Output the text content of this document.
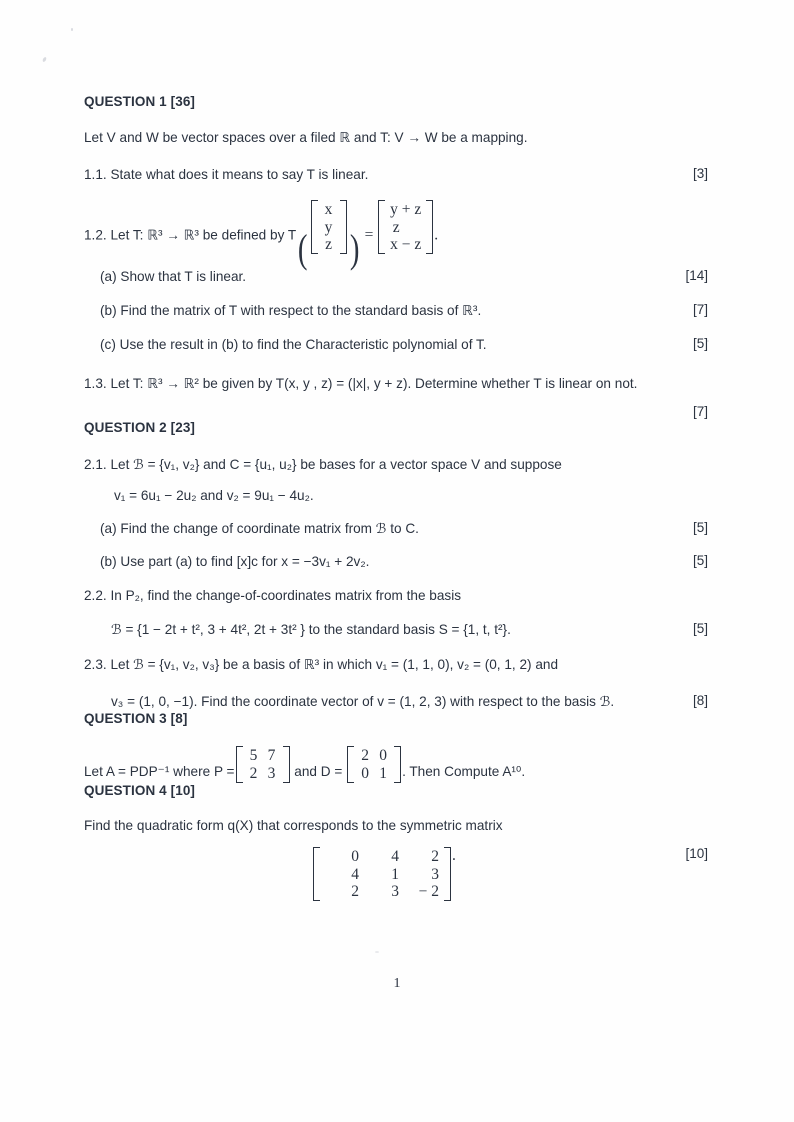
QUESTION 1 [36]
Let V and W be vector spaces over a filed ℝ and T: V → W be a mapping.
1.1. State what does it means to say T is linear.	[3]
1.2. Let T: ℝ³ → ℝ³ be defined by T(
x
y
z ) =
y + z
z
x − z
.
(a) Show that T is linear.	[14]
(b) Find the matrix of T with respect to the standard basis of ℝ³.	[7]
(c) Use the result in (b) to find the Characteristic polynomial of T.	[5]
1.3. Let T: ℝ³ → ℝ² be given by T(x, y , z) = (|x|, y + z). Determine whether T is linear on not.
[7]
QUESTION 2 [23]
2.1. Let ℬ = {v₁, v₂} and C = {u₁, u₂} be bases for a vector space V and suppose
v₁ = 6u₁ − 2u₂ and v₂ = 9u₁ − 4u₂.
(a) Find the change of coordinate matrix from ℬ to C.	[5]
(b) Use part (a) to find [x]ᴄ for x = −3v₁ + 2v₂.	[5]
2.2. In P₂, find the change-of-coordinates matrix from the basis
ℬ = {1 − 2t + t², 3 + 4t², 2t + 3t² } to the standard basis S = {1, t, t²}.	[5]
2.3. Let ℬ = {v₁, v₂, v₃} be a basis of ℝ³ in which v₁ = (1, 1, 0), v₂ = (0, 1, 2) and
v₃ = (1, 0, −1). Find the coordinate vector of v = (1, 2, 3) with respect to the basis ℬ.	[8]
QUESTION 3 [8]
Let A = PDP⁻¹ where P =
5 7
2 3	and D =
2 0
0 1	. Then Compute A¹⁰.
QUESTION 4 [10]
Find the quadratic form q(X) that corresponds to the symmetric matrix
0	4	2
4	1	3
2	3	− 2
.	[10]
1
